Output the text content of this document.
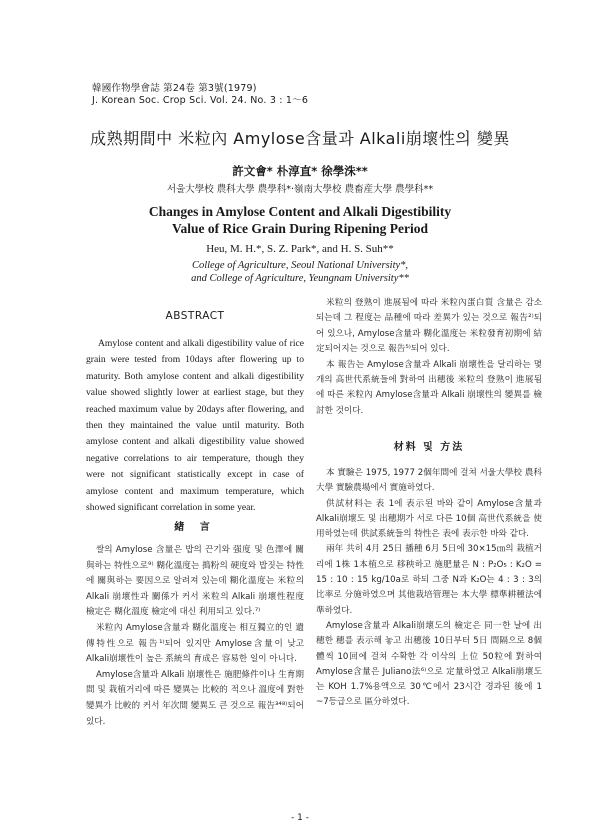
韓國作物學會誌 第24卷 第3號(1979)
J. Korean Soc. Crop Sci. Vol. 24. No. 3 : 1～6
成熟期間中 米粒內 Amylose含量과 Alkali崩壞性의 變異
許文會* 朴淳直* 徐學洙**
서울大學校 農科大學 農學科*·嶺南大學校 農畜産大學 農學科**
Changes in Amylose Content and Alkali Digestibility
Value of Rice Grain During Ripening Period
Heu, M. H.*, S. Z. Park*, and H. S. Suh**
College of Agriculture, Seoul National University*,
and College of Agriculture, Yeungnam University**
ABSTRACT

Amylose content and alkali digestibility value of rice grain were tested from 10days after flowering up to maturity. Both amylose content and alkali digestibility value showed slightly lower at earliest stage, but they reached maximum value by 20days after flowering, and then they maintained the value until maturity. Both amylose content and alkali digestibility value showed negative correlations to air temperature, though they were not significant statistically except in case of amylose content and maximum temperature, which showed significant correlation in some year.

緖 言

쌀의 Amylose 含量은 밥의 끈기와 强度 및 色澤에 關與하는 特性으로⁹⁾ 糊化溫度는 搗粉의 硬度와 밥짓는 特性에 關與하는 要因으로 알려져 있는데 糊化溫度는 米粒의 Alkali 崩壞性과 關係가 커서 米粒의 Alkali 崩壞性程度 檢定은 糊化溫度 檢定에 대신 利用되고 있다.⁷⁾

米粒內 Amylose含量과 糊化溫度는 相互獨立的인 遺傳特性으로 報告¹⁾되어 있지만 Amylose含量이 낮고 Alkali崩壞性이 높은 系統의 育成은 容易한 일이 아니다.

Amylose含量과 Alkali 崩壞性은 施肥條件이나 生育期間 및 栽植거리에 따른 變異는 比較的 적으나 溫度에 對한 變異가 比較的 커서 年次間 變異도 큰 것으로 報告³⁴⁸⁾되어 있다.

米粒의 登熟이 進展됨에 따라 米粒內蛋白質 含量은 감소되는데 그 程度는 品種에 따라 差異가 있는 것으로 報告²⁾되어 있으나, Amylose含量과 糊化溫度는 米粒發育初期에 結定되어지는 것으로 報告⁵⁾되어 있다.

本 報告는 Amylose含量과 Alkali 崩壞性을 달리하는 몇개의 高世代系統들에 對하여 出穗後 米粒의 登熟이 進展됨에 따른 米粒內 Amylose含量과 Alkali 崩壞性의 變異를 檢討한 것이다.

材料 및 方法

本 實驗은 1975, 1977 2個年間에 걸쳐 서울大學校 農科大學 實驗農場에서 實施하였다.

供試材料는 表 1에 表示된 바와 같이 Amylose含量과 Alkali崩壞도 및 出穗期가 서로 다른 10個 高世代系統을 使用하였는데 供試系統들의 特性은 表에 表示한 바와 같다.

兩年 共히 4月 25日 播種 6月 5日에 30×15㎝의 栽植거리에 1株 1本植으로 移秧하고 施肥量은 N : P₂O₅ : K₂O = 15 : 10 : 15 kg/10a로 하되 그중 N과 K₂O는 4 : 3 : 3의 比率로 分施하였으며 其他栽培管理는 本大學 標準耕種法에 準하였다.

Amylose含量과 Alkali崩壞도의 檢定은 同一한 날에 出穗한 穗를 表示해 놓고 出穗後 10日부터 5日 間隔으로 8個體씩 10回에 걸쳐 수확한 각 이삭의 上位 50粒에 對하여 Amylose含量은 Juliano法⁶⁾으로 定量하였고 Alkali崩壞도는 KOH 1.7%용액으로 30℃에서 23시간 경과된 後에 1 ~7등급으로 區分하였다.

- 1 -
